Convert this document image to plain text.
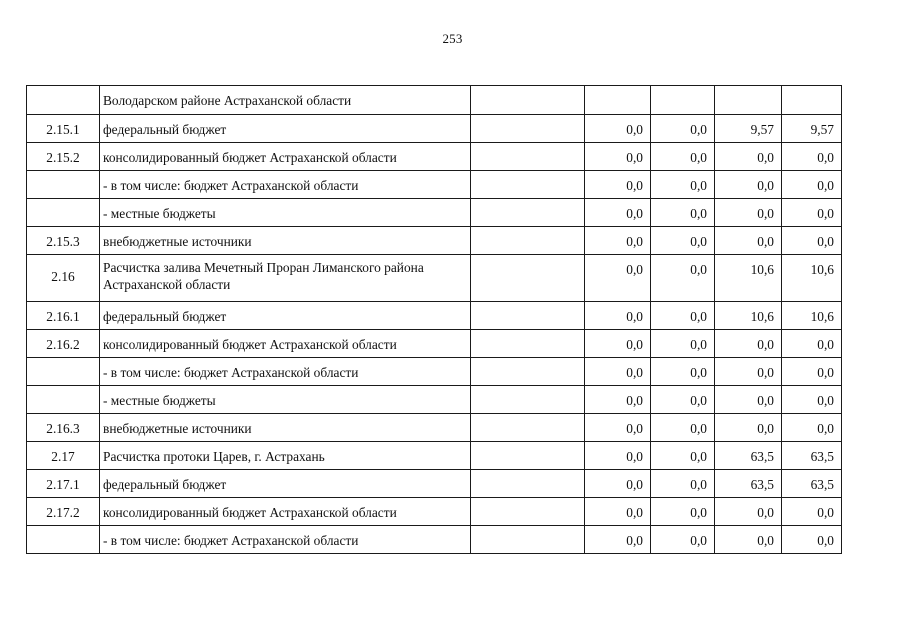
253
	Володарском районе Астраханской области					
2.15.1	федеральный бюджет		0,0	0,0	9,57	9,57
2.15.2	консолидированный бюджет Астраханской области		0,0	0,0	0,0	0,0
	- в том числе: бюджет Астраханской области		0,0	0,0	0,0	0,0
	- местные бюджеты		0,0	0,0	0,0	0,0
2.15.3	внебюджетные источники		0,0	0,0	0,0	0,0
2.16	Расчистка залива Мечетный Проран Лиманского района Астраханской области		0,0	0,0	10,6	10,6
2.16.1	федеральный бюджет		0,0	0,0	10,6	10,6
2.16.2	консолидированный бюджет Астраханской области		0,0	0,0	0,0	0,0
	- в том числе: бюджет Астраханской области		0,0	0,0	0,0	0,0
	- местные бюджеты		0,0	0,0	0,0	0,0
2.16.3	внебюджетные источники		0,0	0,0	0,0	0,0
2.17	Расчистка протоки Царев, г. Астрахань		0,0	0,0	63,5	63,5
2.17.1	федеральный бюджет		0,0	0,0	63,5	63,5
2.17.2	консолидированный бюджет Астраханской области		0,0	0,0	0,0	0,0
	- в том числе: бюджет Астраханской области		0,0	0,0	0,0	0,0
